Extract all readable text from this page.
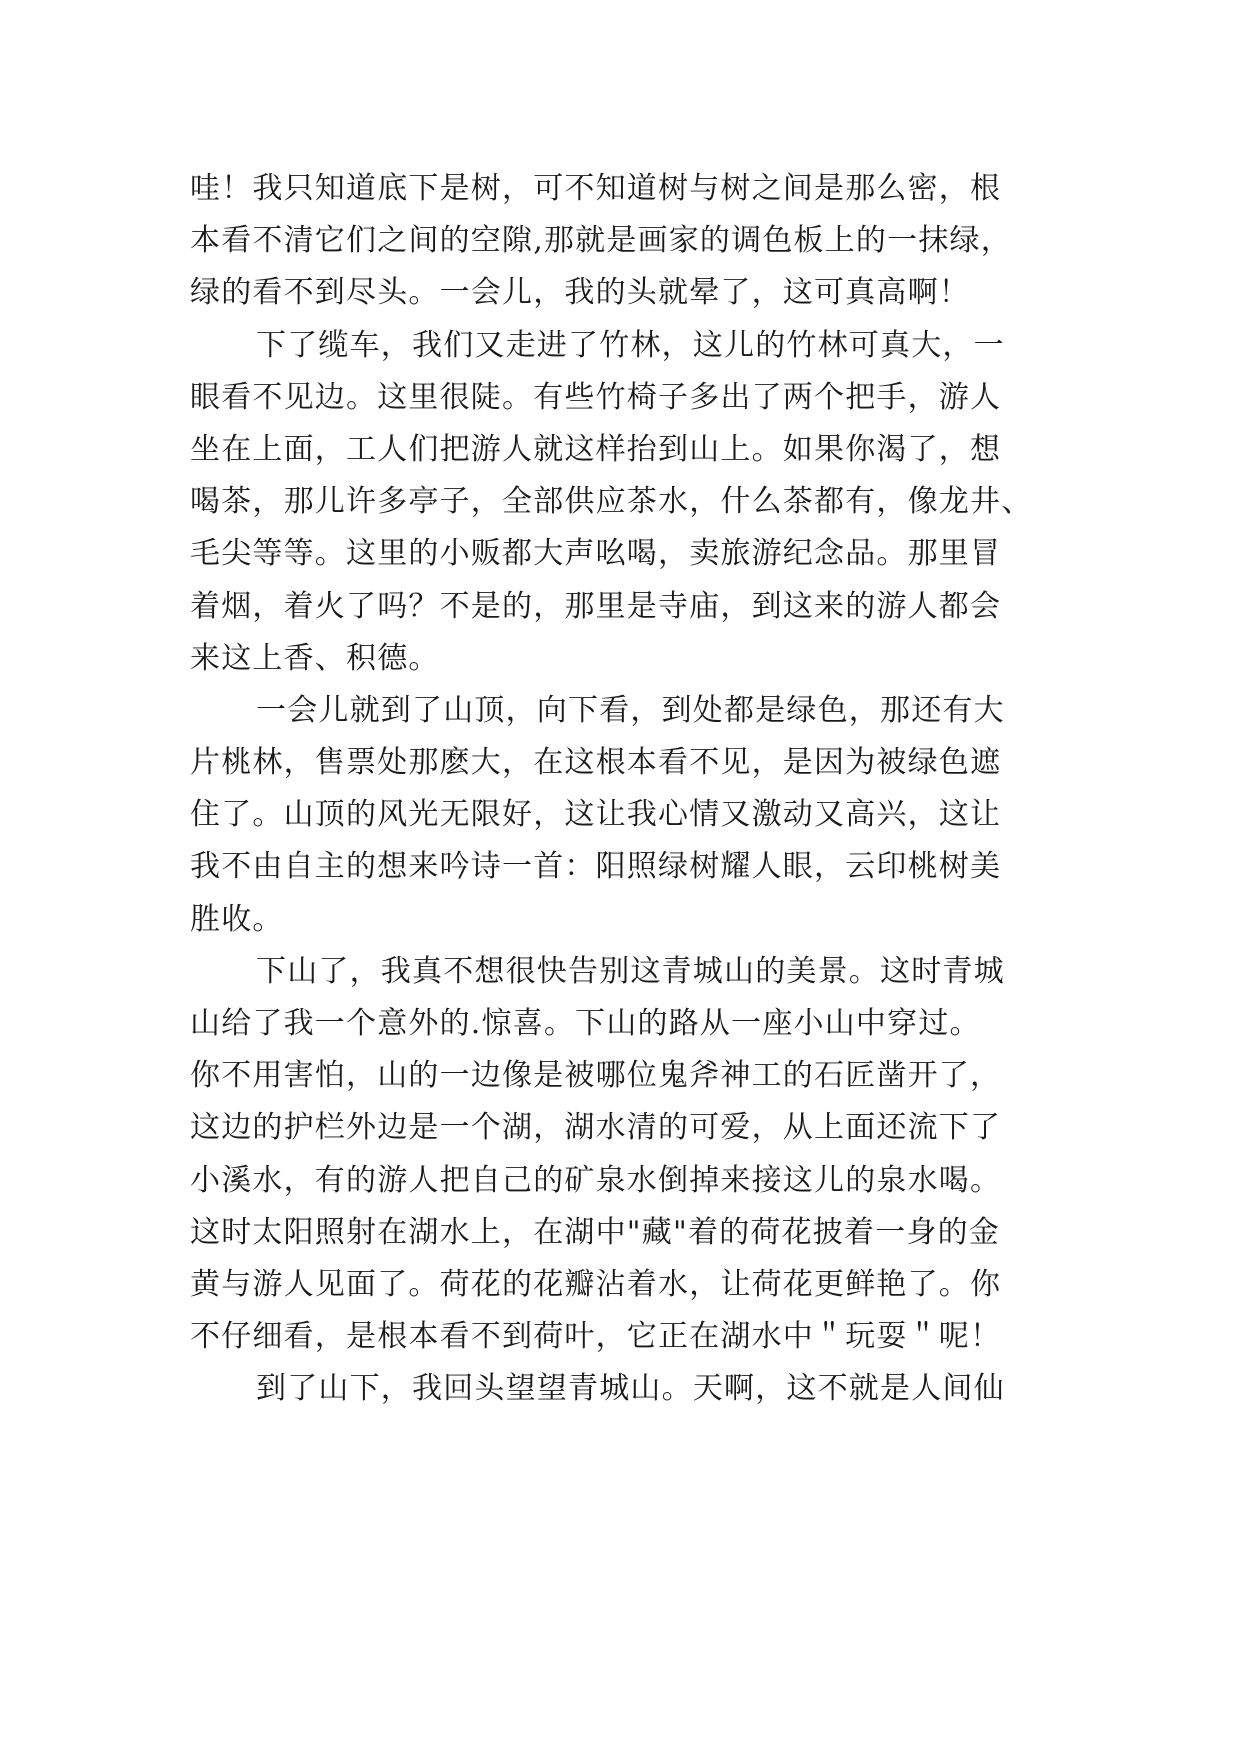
哇！我只知道底下是树，可不知道树与树之间是那么密，根
本看不清它们之间的空隙,那就是画家的调色板上的一抹绿，
绿的看不到尽头。一会儿，我的头就晕了，这可真高啊！
下了缆车，我们又走进了竹林，这儿的竹林可真大，一
眼看不见边。这里很陡。有些竹椅子多出了两个把手，游人
坐在上面，工人们把游人就这样抬到山上。如果你渴了，想
喝茶，那儿许多亭子，全部供应茶水，什么茶都有，像龙井、
毛尖等等。这里的小贩都大声吆喝，卖旅游纪念品。那里冒
着烟，着火了吗？不是的，那里是寺庙，到这来的游人都会
来这上香、积德。
一会儿就到了山顶，向下看，到处都是绿色，那还有大
片桃林，售票处那麽大，在这根本看不见，是因为被绿色遮
住了。山顶的风光无限好，这让我心情又激动又高兴，这让
我不由自主的想来吟诗一首：阳照绿树耀人眼，云印桃树美
胜收。
下山了，我真不想很快告别这青城山的美景。这时青城
山给了我一个意外的.惊喜。下山的路从一座小山中穿过。
你不用害怕，山的一边像是被哪位鬼斧神工的石匠凿开了，
这边的护栏外边是一个湖，湖水清的可爱，从上面还流下了
小溪水，有的游人把自己的矿泉水倒掉来接这儿的泉水喝。
这时太阳照射在湖水上，在湖中"藏"着的荷花披着一身的金
黄与游人见面了。荷花的花瓣沾着水，让荷花更鲜艳了。你
不仔细看，是根本看不到荷叶，它正在湖水中＂玩耍＂呢！
到了山下，我回头望望青城山。天啊，这不就是人间仙
